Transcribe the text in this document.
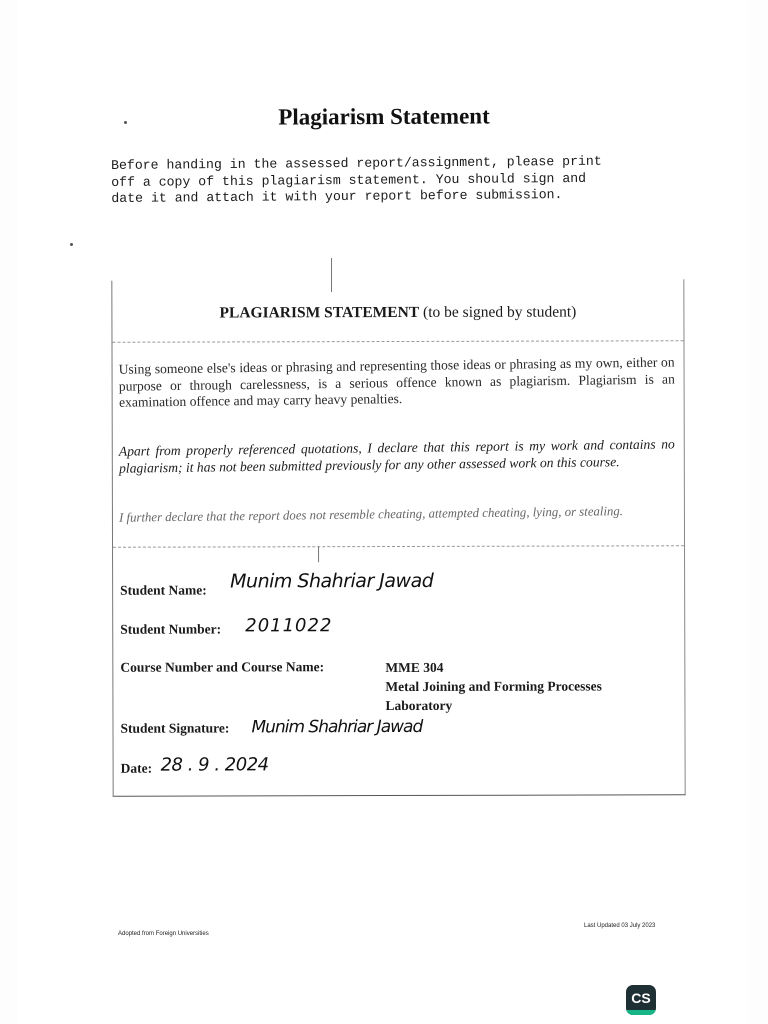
Plagiarism Statement
Before handing in the assessed report/assignment, please print
off a copy of this plagiarism statement. You should sign and
date it and attach it with your report before submission.
PLAGIARISM STATEMENT (to be signed by student)
Using someone else's ideas or phrasing and representing those ideas or phrasing as my own, either on purpose or through carelessness, is a serious offence known as plagiarism. Plagiarism is an examination offence and may carry heavy penalties.
Apart from properly referenced quotations, I declare that this report is my work and contains no plagiarism; it has not been submitted previously for any other assessed work on this course.
I further declare that the report does not resemble cheating, attempted cheating, lying, or stealing.
Student Name: Munim Shahriar Jawad
Student Number: 2011022
Course Number and Course Name:	MME 304
Metal Joining and Forming Processes
Laboratory
Student Signature: Munim Shahriar Jawad
Date: 28 . 9 . 2024
Adopted from Foreign Universities
Last Updated 03 July 2023
CS
